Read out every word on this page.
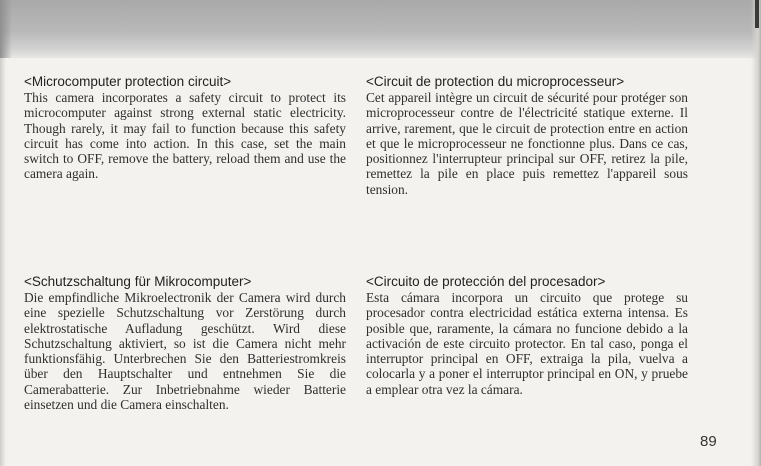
<Microcomputer protection circuit>

This camera incorporates a safety circuit to protect its microcomputer against strong external static electricity. Though rarely, it may fail to function because this safety circuit has come into action. In this case, set the main switch to OFF, remove the battery, reload them and use the camera again.

<Circuit de protection du microprocesseur>

Cet appareil intègre un circuit de sécurité pour protéger son microprocesseur contre de l'électricité statique externe. Il arrive, rarement, que le circuit de protection entre en action et que le microprocesseur ne fonctionne plus. Dans ce cas, positionnez l'interrupteur principal sur OFF, retirez la pile, remettez la pile en place puis remettez l'appareil sous tension.

<Schutzschaltung für Mikrocomputer>

Die empfindliche Mikroelectronik der Camera wird durch eine spezielle Schutzschaltung vor Zerstörung durch elektrostatische Aufladung geschützt. Wird diese Schutzschaltung aktiviert, so ist die Camera nicht mehr funktionsfähig. Unterbrechen Sie den Batteriestromkreis über den Hauptschalter und entnehmen Sie die Camerabatterie. Zur Inbetriebnahme wieder Batterie einsetzen und die Camera einschalten.

<Circuito de protección del procesador>

Esta cámara incorpora un circuito que protege su procesador contra electricidad estática externa intensa. Es posible que, raramente, la cámara no funcione debido a la activación de este circuito protector. En tal caso, ponga el interruptor principal en OFF, extraiga la pila, vuelva a colocarla y a poner el interruptor principal en ON, y pruebe a emplear otra vez la cámara.

89
